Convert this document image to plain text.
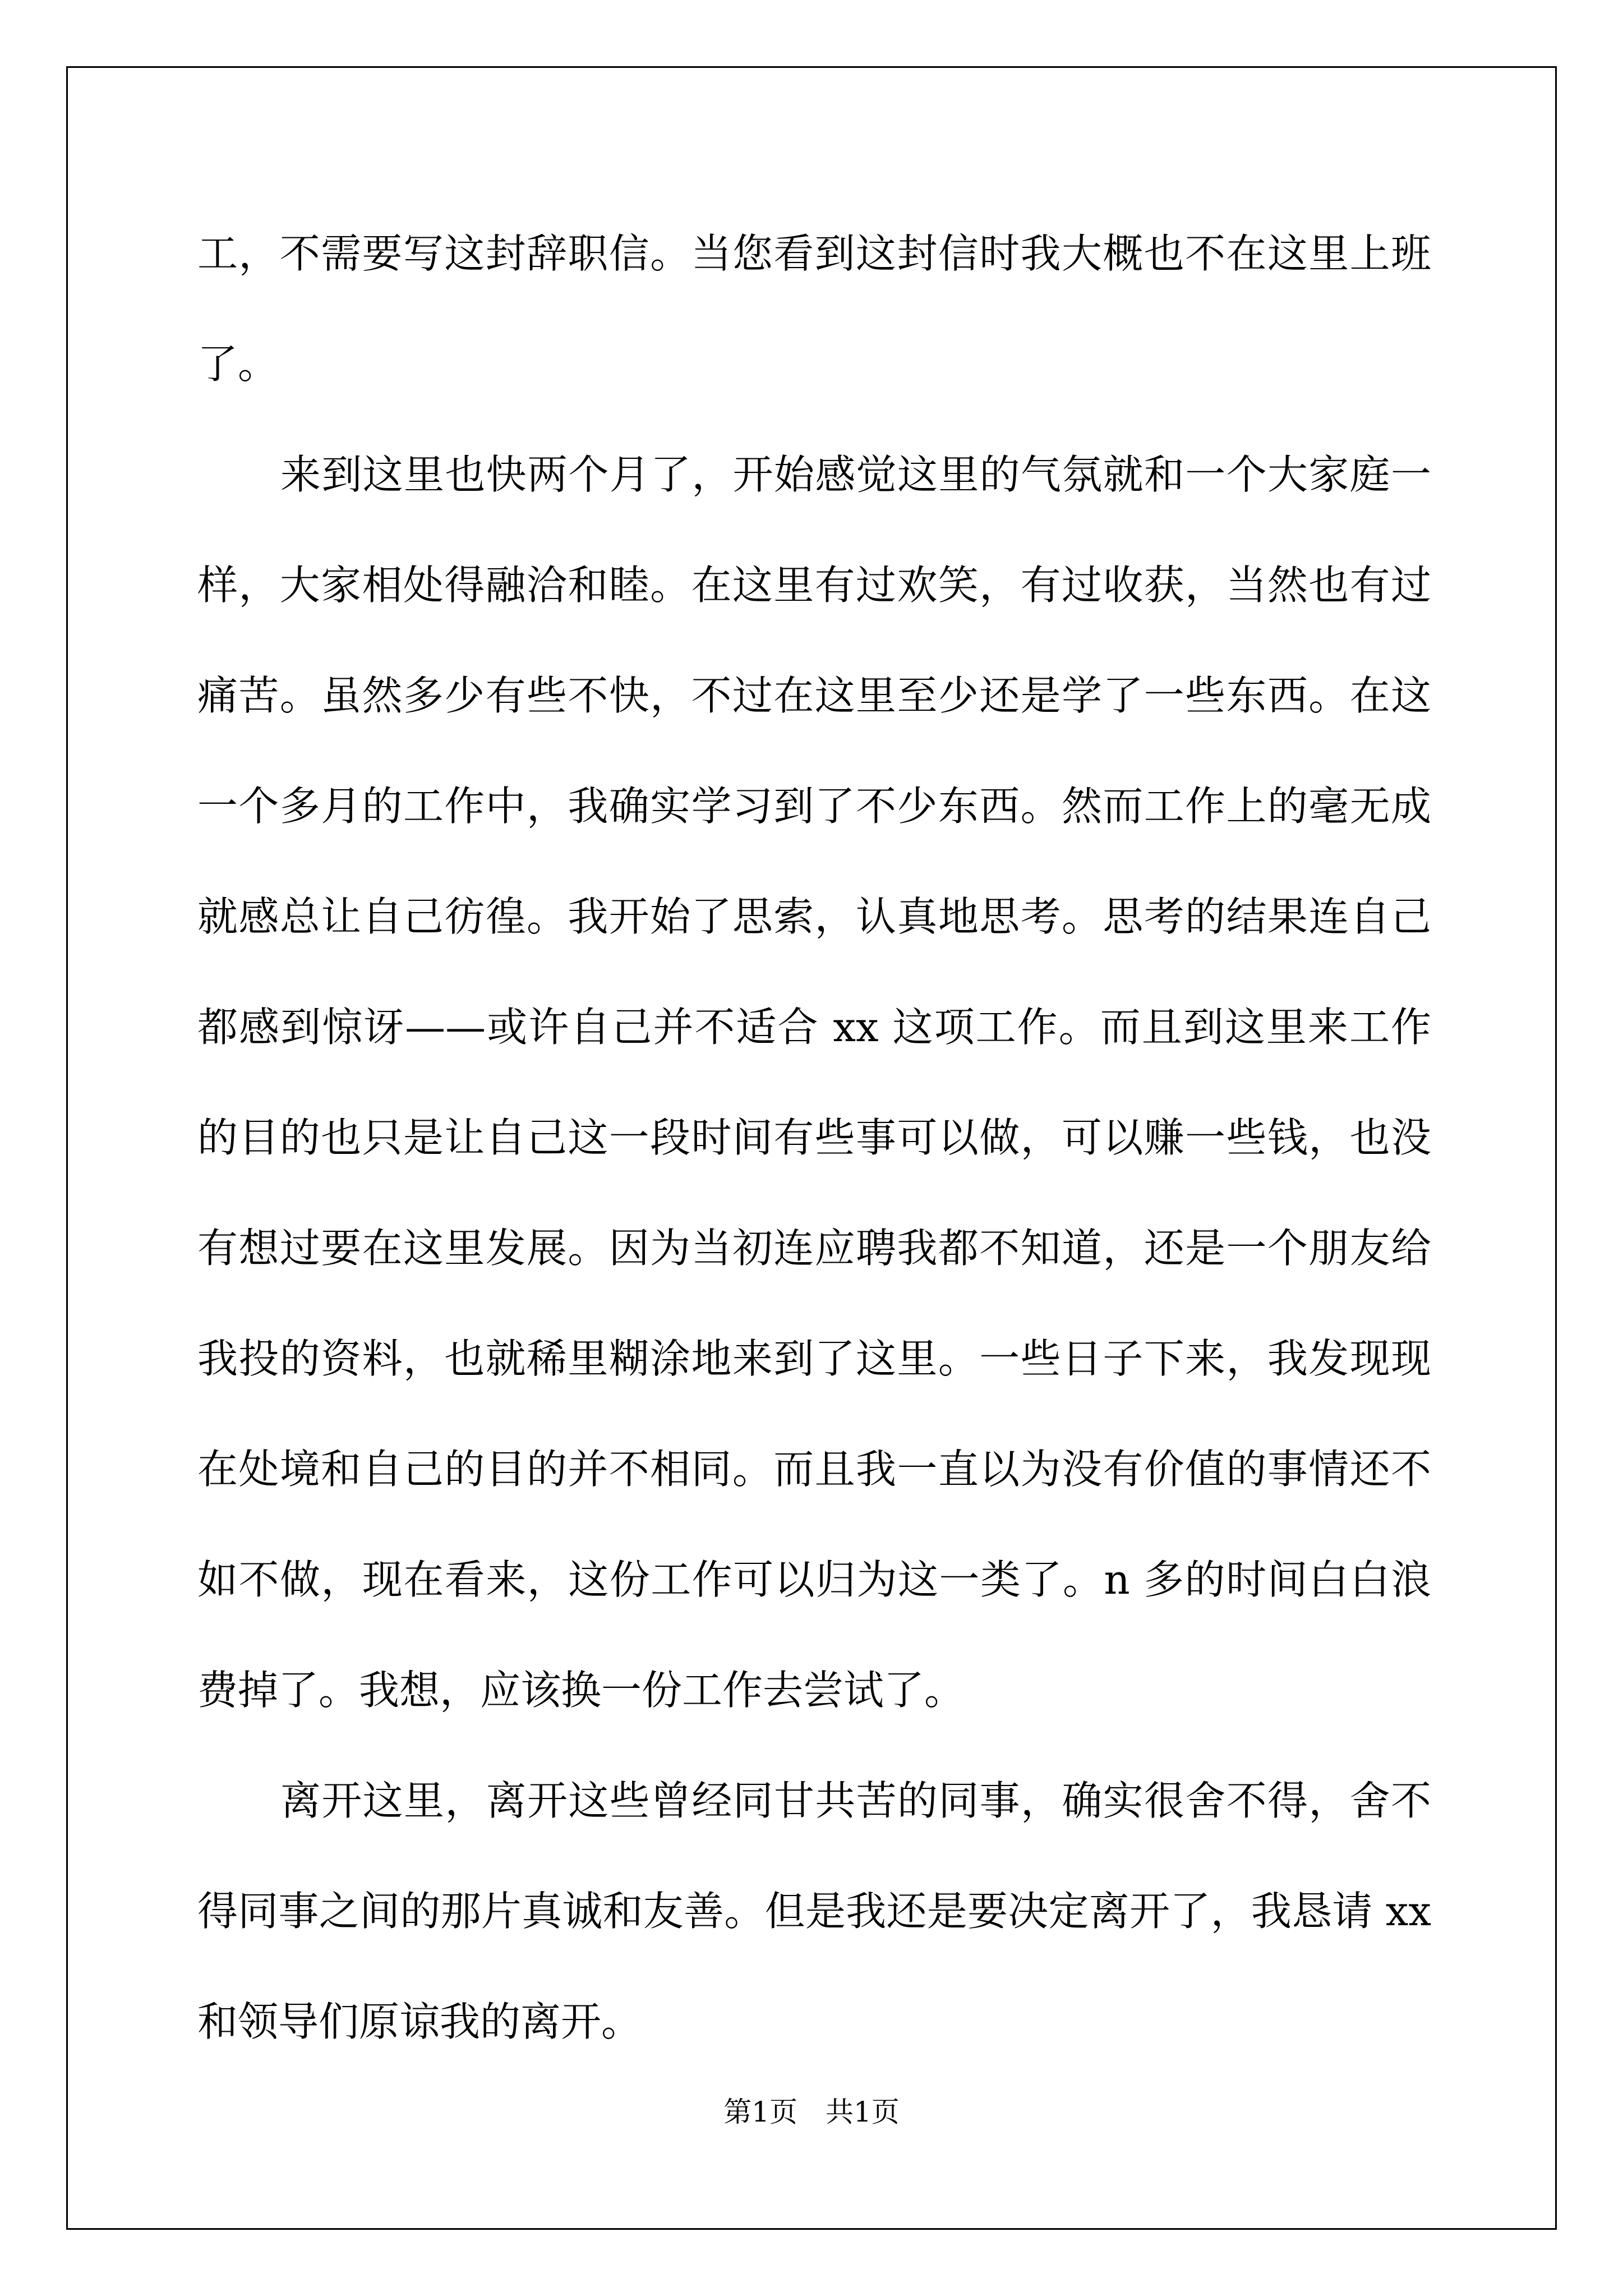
工，不需要写这封辞职信。当您看到这封信时我大概也不在这里上班了。

来到这里也快两个月了，开始感觉这里的气氛就和一个大家庭一样，大家相处得融洽和睦。在这里有过欢笑，有过收获，当然也有过痛苦。虽然多少有些不快，不过在这里至少还是学了一些东西。在这一个多月的工作中，我确实学习到了不少东西。然而工作上的毫无成就感总让自己彷徨。我开始了思索，认真地思考。思考的结果连自己都感到惊讶——或许自己并不适合 xx 这项工作。而且到这里来工作的目的也只是让自己这一段时间有些事可以做，可以赚一些钱，也没有想过要在这里发展。因为当初连应聘我都不知道，还是一个朋友给我投的资料，也就稀里糊涂地来到了这里。一些日子下来，我发现现在处境和自己的目的并不相同。而且我一直以为没有价值的事情还不如不做，现在看来，这份工作可以归为这一类了。n 多的时间白白浪费掉了。我想，应该换一份工作去尝试了。

离开这里，离开这些曾经同甘共苦的同事，确实很舍不得，舍不得同事之间的那片真诚和友善。但是我还是要决定离开了，我恳请 xx 和领导们原谅我的离开。

第1页 共1页
